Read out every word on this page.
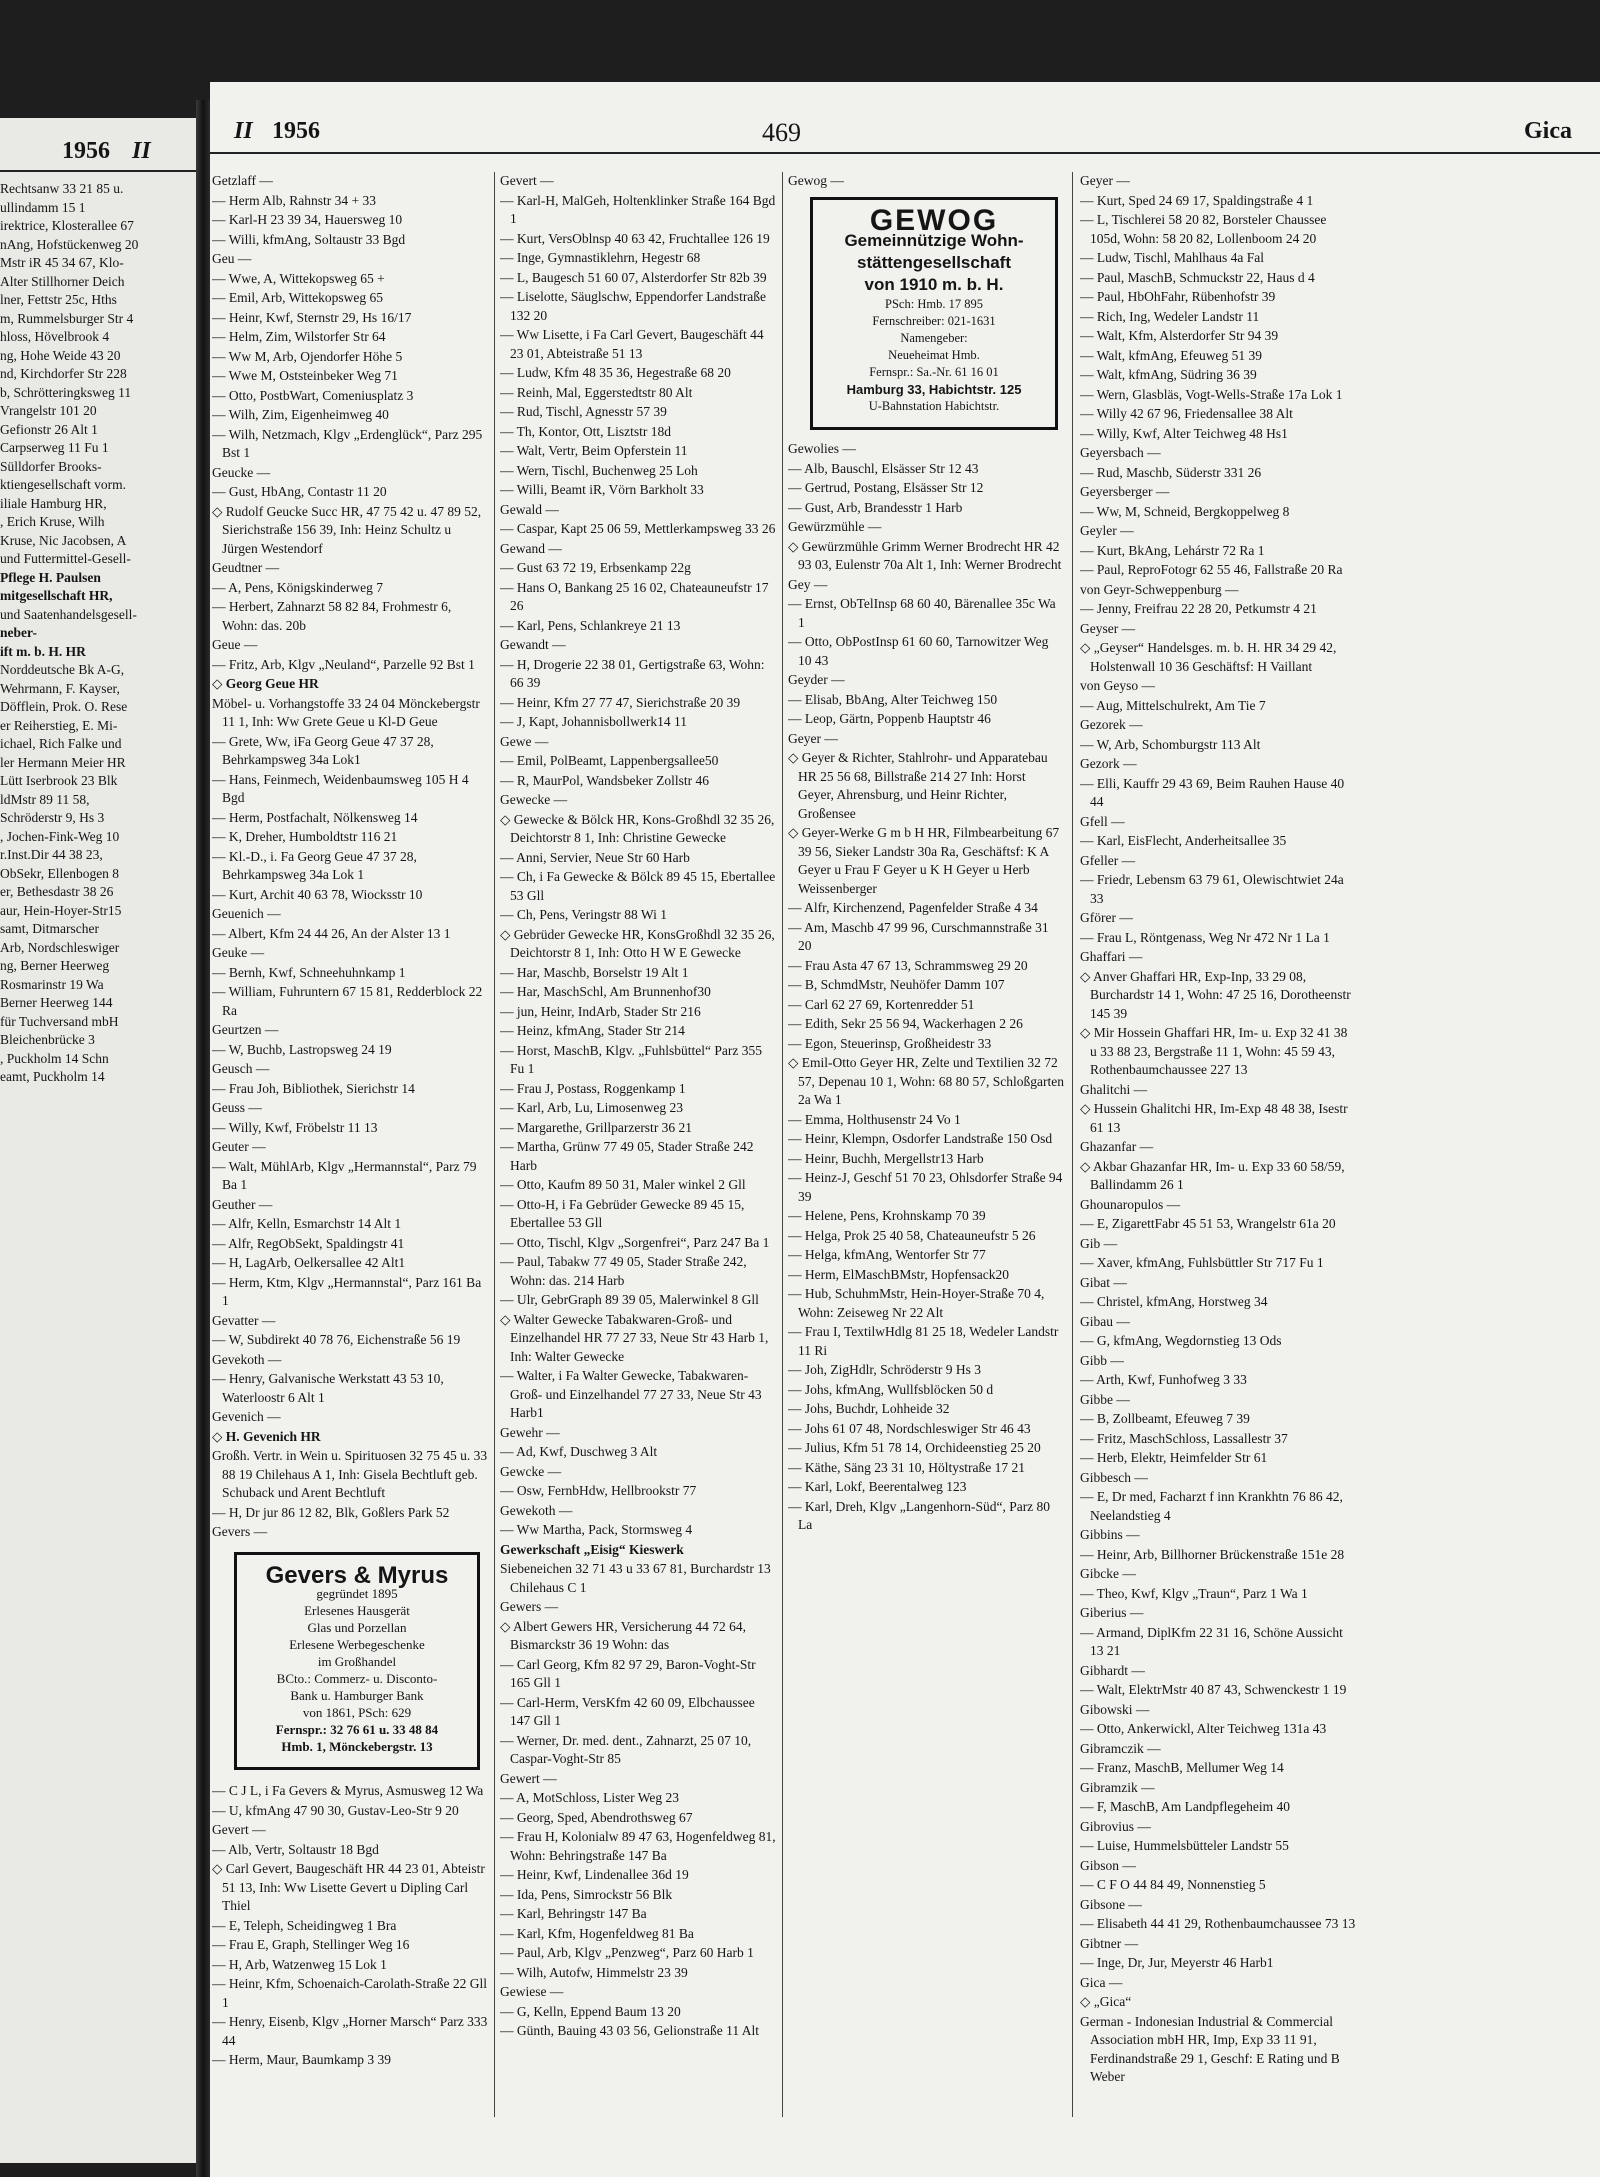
1956 II
Rechtsanw 33 21 85 u.
ullindamm 15 1
irektrice, Klosterallee 67
nAng, Hofstückenweg 20
Mstr iR 45 34 67, Klo-
Alter Stillhorner Deich
lner, Fettstr 25c, Hths
m, Rummelsburger Str 4
hloss, Hövelbrook 4
ng, Hohe Weide 43 20
nd, Kirchdorfer Str 228
b, Schrötteringksweg 11
Vrangelstr 101 20
Gefionstr 26 Alt 1
Carpserweg 11 Fu 1
Sülldorfer Brooks-
ktiengesellschaft vorm.
iliale Hamburg HR,
, Erich Kruse, Wilh
Kruse, Nic Jacobsen, A
und Futtermittel-Gesell-
Pflege H. Paulsen
mitgesellschaft HR,
und Saatenhandelsgesell-
neber-
ift m. b. H. HR
Norddeutsche Bk A-G,
Wehrmann, F. Kayser,
Döfflein, Prok. O. Rese
er Reiherstieg, E. Mi-
ichael, Rich Falke und
ler Hermann Meier HR
Lütt Iserbrook 23 Blk
ldMstr 89 11 58,
Schröderstr 9, Hs 3
, Jochen-Fink-Weg 10
r.Inst.Dir 44 38 23,
ObSekr, Ellenbogen 8
er, Bethesdastr 38 26
aur, Hein-Hoyer-Str15
samt, Ditmarscher
Arb, Nordschleswiger
ng, Berner Heerweg
Rosmarinstr 19 Wa
Berner Heerweg 144
für Tuchversand mbH
Bleichenbrücke 3
, Puckholm 14 Schn
eamt, Puckholm 14
II 1956	469	Gica
Getzlaff —
— Herm Alb, Rahnstr 34 + 33
— Karl-H 23 39 34, Hauersweg 10
— Willi, kfmAng, Soltaustr 33 Bgd
Geu —
— Wwe, A, Wittekopsweg 65 +
— Emil, Arb, Wittekopsweg 65
— Heinr, Kwf, Sternstr 29, Hs 16/17
— Helm, Zim, Wilstorfer Str 64
— Ww M, Arb, Ojendorfer Höhe 5
— Wwe M, Oststeinbeker Weg 71
— Otto, PostbWart, Comeniusplatz 3
— Wilh, Zim, Eigenheimweg 40
— Wilh, Netzmach, Klgv „Erdenglück“, Parz 295 Bst 1
Geucke —
— Gust, HbAng, Contastr 11 20
◇ Rudolf Geucke Succ HR, 47 75 42 u. 47 89 52, Sierichstraße 156 39, Inh: Heinz Schultz u Jürgen Westendorf
Geudtner —
— A, Pens, Königskinderweg 7
— Herbert, Zahnarzt 58 82 84, Frohmestr 6, Wohn: das. 20b
Geue —
— Fritz, Arb, Klgv „Neuland“, Parzelle 92 Bst 1
◇ Georg Geue HR
Möbel- u. Vorhangstoffe 33 24 04 Mönckebergstr 11 1, Inh: Ww Grete Geue u Kl-D Geue
— Grete, Ww, iFa Georg Geue 47 37 28, Behrkampsweg 34a Lok1
— Hans, Feinmech, Weidenbaumsweg 105 H 4 Bgd
— Herm, Postfachalt, Nölkensweg 14
— K, Dreher, Humboldtstr 116 21
— Kl.-D., i. Fa Georg Geue 47 37 28, Behrkampsweg 34a Lok 1
— Kurt, Archit 40 63 78, Wiocksstr 10
Geuenich —
— Albert, Kfm 24 44 26, An der Alster 13 1
Geuke —
— Bernh, Kwf, Schneehuhnkamp 1
— William, Fuhruntern 67 15 81, Redderblock 22 Ra
Geurtzen —
— W, Buchb, Lastropsweg 24 19
Geusch —
— Frau Joh, Bibliothek, Sierichstr 14
Geuss —
— Willy, Kwf, Fröbelstr 11 13
Geuter —
— Walt, MühlArb, Klgv „Hermannstal“, Parz 79 Ba 1
Geuther —
— Alfr, Kelln, Esmarchstr 14 Alt 1
— Alfr, RegObSekt, Spaldingstr 41
— H, LagArb, Oelkersallee 42 Alt1
— Herm, Ktm, Klgv „Hermannstal“, Parz 161 Ba 1
Gevatter —
— W, Subdirekt 40 78 76, Eichenstraße 56 19
Gevekoth —
— Henry, Galvanische Werkstatt 43 53 10, Waterloostr 6 Alt 1
Gevenich —
◇ H. Gevenich HR
Großh. Vertr. in Wein u. Spirituosen 32 75 45 u. 33 88 19 Chilehaus A 1, Inh: Gisela Bechtluft geb. Schuback und Arent Bechtluft
— H, Dr jur 86 12 82, Blk, Goßlers Park 52
Gevers —
Gevers & Myrus
gegründet 1895
Erlesenes Hausgerät
Glas und Porzellan
Erlesene Werbegeschenke
im Großhandel
BCto.: Commerz- u. Disconto-
Bank u. Hamburger Bank
von 1861, PSch: 629
Fernspr.: 32 76 61 u. 33 48 84
Hmb. 1, Mönckebergstr. 13
— C J L, i Fa Gevers & Myrus, Asmusweg 12 Wa
— U, kfmAng 47 90 30, Gustav-Leo-Str 9 20
Gevert —
— Alb, Vertr, Soltaustr 18 Bgd
◇ Carl Gevert, Baugeschäft HR 44 23 01, Abteistr 51 13, Inh: Ww Lisette Gevert u Dipling Carl Thiel
— E, Teleph, Scheidingweg 1 Bra
— Frau E, Graph, Stellinger Weg 16
— H, Arb, Watzenweg 15 Lok 1
— Heinr, Kfm, Schoenaich-Carolath-Straße 22 Gll 1
— Henry, Eisenb, Klgv „Horner Marsch“ Parz 333 44
— Herm, Maur, Baumkamp 3 39
Gevert —
— Karl-H, MalGeh, Holtenklinker Straße 164 Bgd 1
— Kurt, VersOblnsp 40 63 42, Fruchtallee 126 19
— Inge, Gymnastiklehrn, Hegestr 68
— L, Baugesch 51 60 07, Alsterdorfer Str 82b 39
— Liselotte, Säuglschw, Eppendorfer Landstraße 132 20
— Ww Lisette, i Fa Carl Gevert, Baugeschäft 44 23 01, Abteistraße 51 13
— Ludw, Kfm 48 35 36, Hegestraße 68 20
— Reinh, Mal, Eggerstedtstr 80 Alt
— Rud, Tischl, Agnesstr 57 39
— Th, Kontor, Ott, Lisztstr 18d
— Walt, Vertr, Beim Opferstein 11
— Wern, Tischl, Buchenweg 25 Loh
— Willi, Beamt iR, Vörn Barkholt 33
Gewald —
— Caspar, Kapt 25 06 59, Mettlerkampsweg 33 26
Gewand —
— Gust 63 72 19, Erbsenkamp 22g
— Hans O, Bankang 25 16 02, Chateauneufstr 17 26
— Karl, Pens, Schlankreye 21 13
Gewandt —
— H, Drogerie 22 38 01, Gertigstraße 63, Wohn: 66 39
— Heinr, Kfm 27 77 47, Sierichstraße 20 39
— J, Kapt, Johannisbollwerk14 11
Gewe —
— Emil, PolBeamt, Lappenbergsallee50
— R, MaurPol, Wandsbeker Zollstr 46
Gewecke —
◇ Gewecke & Bölck HR, Kons-Großhdl 32 35 26, Deichtorstr 8 1, Inh: Christine Gewecke
— Anni, Servier, Neue Str 60 Harb
— Ch, i Fa Gewecke & Bölck 89 45 15, Ebertallee 53 Gll
— Ch, Pens, Veringstr 88 Wi 1
◇ Gebrüder Gewecke HR, KonsGroßhdl 32 35 26, Deichtorstr 8 1, Inh: Otto H W E Gewecke
— Har, Maschb, Borselstr 19 Alt 1
— Har, MaschSchl, Am Brunnenhof30
— jun, Heinr, IndArb, Stader Str 216
— Heinz, kfmAng, Stader Str 214
— Horst, MaschB, Klgv. „Fuhlsbüttel“ Parz 355 Fu 1
— Frau J, Postass, Roggenkamp 1
— Karl, Arb, Lu, Limosenweg 23
— Margarethe, Grillparzerstr 36 21
— Martha, Grünw 77 49 05, Stader Straße 242 Harb
— Otto, Kaufm 89 50 31, Maler winkel 2 Gll
— Otto-H, i Fa Gebrüder Gewecke 89 45 15, Ebertallee 53 Gll
— Otto, Tischl, Klgv „Sorgenfrei“, Parz 247 Ba 1
— Paul, Tabakw 77 49 05, Stader Straße 242, Wohn: das. 214 Harb
— Ulr, GebrGraph 89 39 05, Malerwinkel 8 Gll
◇ Walter Gewecke Tabakwaren-Groß- und Einzelhandel HR 77 27 33, Neue Str 43 Harb 1, Inh: Walter Gewecke
— Walter, i Fa Walter Gewecke, Tabakwaren-Groß- und Einzelhandel 77 27 33, Neue Str 43 Harb1
Gewehr —
— Ad, Kwf, Duschweg 3 Alt
Gewcke —
— Osw, FernbHdw, Hellbrookstr 77
Gewekoth —
— Ww Martha, Pack, Stormsweg 4
Gewerkschaft „Eisig“ Kieswerk
Siebeneichen 32 71 43 u 33 67 81, Burchardstr 13 Chilehaus C 1
Gewers —
◇ Albert Gewers HR, Versicherung 44 72 64, Bismarckstr 36 19 Wohn: das
— Carl Georg, Kfm 82 97 29, Baron-Voght-Str 165 Gll 1
— Carl-Herm, VersKfm 42 60 09, Elbchaussee 147 Gll 1
— Werner, Dr. med. dent., Zahnarzt, 25 07 10, Caspar-Voght-Str 85
Gewert —
— A, MotSchloss, Lister Weg 23
— Georg, Sped, Abendrothsweg 67
— Frau H, Kolonialw 89 47 63, Hogenfeldweg 81, Wohn: Behringstraße 147 Ba
— Heinr, Kwf, Lindenallee 36d 19
— Ida, Pens, Simrockstr 56 Blk
— Karl, Behringstr 147 Ba
— Karl, Kfm, Hogenfeldweg 81 Ba
— Paul, Arb, Klgv „Penzweg“, Parz 60 Harb 1
— Wilh, Autofw, Himmelstr 23 39
Gewiese —
— G, Kelln, Eppend Baum 13 20
— Günth, Bauing 43 03 56, Gelionstraße 11 Alt
Gewog —
GEWOG
Gemeinnützige Wohn-
stättengesellschaft
von 1910 m. b. H.
PSch: Hmb. 17 895
Fernschreiber: 021-1631
Namengeber:
Neueheimat Hmb.
Fernspr.: Sa.-Nr. 61 16 01
Hamburg 33, Habichtstr. 125
U-Bahnstation Habichtstr.
Gewolies —
— Alb, Bauschl, Elsässer Str 12 43
— Gertrud, Postang, Elsässer Str 12
— Gust, Arb, Brandesstr 1 Harb
Gewürzmühle —
◇ Gewürzmühle Grimm Werner Brodrecht HR 42 93 03, Eulenstr 70a Alt 1, Inh: Werner Brodrecht
Gey —
— Ernst, ObTelInsp 68 60 40, Bärenallee 35c Wa 1
— Otto, ObPostInsp 61 60 60, Tarnowitzer Weg 10 43
Geyder —
— Elisab, BbAng, Alter Teichweg 150
— Leop, Gärtn, Poppenb Hauptstr 46
Geyer —
◇ Geyer & Richter, Stahlrohr- und Apparatebau HR 25 56 68, Billstraße 214 27 Inh: Horst Geyer, Ahrensburg, und Heinr Richter, Großensee
◇ Geyer-Werke G m b H HR, Filmbearbeitung 67 39 56, Sieker Landstr 30a Ra, Geschäftsf: K A Geyer u Frau F Geyer u K H Geyer u Herb Weissenberger
— Alfr, Kirchenzend, Pagenfelder Straße 4 34
— Am, Maschb 47 99 96, Curschmannstraße 31 20
— Frau Asta 47 67 13, Schrammsweg 29 20
— B, SchmdMstr, Neuhöfer Damm 107
— Carl 62 27 69, Kortenredder 51
— Edith, Sekr 25 56 94, Wackerhagen 2 26
— Egon, Steuerinsp, Großheidestr 33
◇ Emil-Otto Geyer HR, Zelte und Textilien 32 72 57, Depenau 10 1, Wohn: 68 80 57, Schloßgarten 2a Wa 1
— Emma, Holthusenstr 24 Vo 1
— Heinr, Klempn, Osdorfer Landstraße 150 Osd
— Heinr, Buchh, Mergellstr13 Harb
— Heinz-J, Geschf 51 70 23, Ohlsdorfer Straße 94 39
— Helene, Pens, Krohnskamp 70 39
— Helga, Prok 25 40 58, Chateauneufstr 5 26
— Helga, kfmAng, Wentorfer Str 77
— Herm, ElMaschBMstr, Hopfensack20
— Hub, SchuhmMstr, Hein-Hoyer-Straße 70 4, Wohn: Zeiseweg Nr 22 Alt
— Frau I, TextilwHdlg 81 25 18, Wedeler Landstr 11 Ri
— Joh, ZigHdlr, Schröderstr 9 Hs 3
— Johs, kfmAng, Wullfsblöcken 50 d
— Johs, Buchdr, Lohheide 32
— Johs 61 07 48, Nordschleswiger Str 46 43
— Julius, Kfm 51 78 14, Orchideenstieg 25 20
— Käthe, Säng 23 31 10, Höltystraße 17 21
— Karl, Lokf, Beerentalweg 123
— Karl, Dreh, Klgv „Langenhorn-Süd“, Parz 80 La
Geyer —
— Kurt, Sped 24 69 17, Spaldingstraße 4 1
— L, Tischlerei 58 20 82, Borsteler Chaussee 105d, Wohn: 58 20 82, Lollenboom 24 20
— Ludw, Tischl, Mahlhaus 4a Fal
— Paul, MaschB, Schmuckstr 22, Haus d 4
— Paul, HbOhFahr, Rübenhofstr 39
— Rich, Ing, Wedeler Landstr 11
— Walt, Kfm, Alsterdorfer Str 94 39
— Walt, kfmAng, Efeuweg 51 39
— Walt, kfmAng, Südring 36 39
— Wern, Glasbläs, Vogt-Wells-Straße 17a Lok 1
— Willy 42 67 96, Friedensallee 38 Alt
— Willy, Kwf, Alter Teichweg 48 Hs1
Geyersbach —
— Rud, Maschb, Süderstr 331 26
Geyersberger —
— Ww, M, Schneid, Bergkoppelweg 8
Geyler —
— Kurt, BkAng, Lehárstr 72 Ra 1
— Paul, ReproFotogr 62 55 46, Fallstraße 20 Ra
von Geyr-Schweppenburg —
— Jenny, Freifrau 22 28 20, Petkumstr 4 21
Geyser —
◇ „Geyser“ Handelsges. m. b. H. HR 34 29 42, Holstenwall 10 36 Geschäftsf: H Vaillant
von Geyso —
— Aug, Mittelschulrekt, Am Tie 7
Gezorek —
— W, Arb, Schomburgstr 113 Alt
Gezork —
— Elli, Kauffr 29 43 69, Beim Rauhen Hause 40 44
Gfell —
— Karl, EisFlecht, Anderheitsallee 35
Gfeller —
— Friedr, Lebensm 63 79 61, Olewischtwiet 24a 33
Gförer —
— Frau L, Röntgenass, Weg Nr 472 Nr 1 La 1
Ghaffari —
◇ Anver Ghaffari HR, Exp-Inp, 33 29 08, Burchardstr 14 1, Wohn: 47 25 16, Dorotheenstr 145 39
◇ Mir Hossein Ghaffari HR, Im- u. Exp 32 41 38 u 33 88 23, Bergstraße 11 1, Wohn: 45 59 43, Rothenbaumchaussee 227 13
Ghalitchi —
◇ Hussein Ghalitchi HR, Im-Exp 48 48 38, Isestr 61 13
Ghazanfar —
◇ Akbar Ghazanfar HR, Im- u. Exp 33 60 58/59, Ballindamm 26 1
Ghounaropulos —
— E, ZigarettFabr 45 51 53, Wrangelstr 61a 20
Gib —
— Xaver, kfmAng, Fuhlsbüttler Str 717 Fu 1
Gibat —
— Christel, kfmAng, Horstweg 34
Gibau —
— G, kfmAng, Wegdornstieg 13 Ods
Gibb —
— Arth, Kwf, Funhofweg 3 33
Gibbe —
— B, Zollbeamt, Efeuweg 7 39
— Fritz, MaschSchloss, Lassallestr 37
— Herb, Elektr, Heimfelder Str 61
Gibbesch —
— E, Dr med, Facharzt f inn Krankhtn 76 86 42, Neelandstieg 4
Gibbins —
— Heinr, Arb, Billhorner Brückenstraße 151e 28
Gibcke —
— Theo, Kwf, Klgv „Traun“, Parz 1 Wa 1
Giberius —
— Armand, DiplKfm 22 31 16, Schöne Aussicht 13 21
Gibhardt —
— Walt, ElektrMstr 40 87 43, Schwenckestr 1 19
Gibowski —
— Otto, Ankerwickl, Alter Teichweg 131a 43
Gibramczik —
— Franz, MaschB, Mellumer Weg 14
Gibramzik —
— F, MaschB, Am Landpflegeheim 40
Gibrovius —
— Luise, Hummelsbütteler Landstr 55
Gibson —
— C F O 44 84 49, Nonnenstieg 5
Gibsone —
— Elisabeth 44 41 29, Rothenbaumchaussee 73 13
Gibtner —
— Inge, Dr, Jur, Meyerstr 46 Harb1
Gica —
◇ „Gica“
German - Indonesian Industrial & Commercial Association mbH HR, Imp, Exp 33 11 91, Ferdinandstraße 29 1, Geschf: E Rating und B Weber
